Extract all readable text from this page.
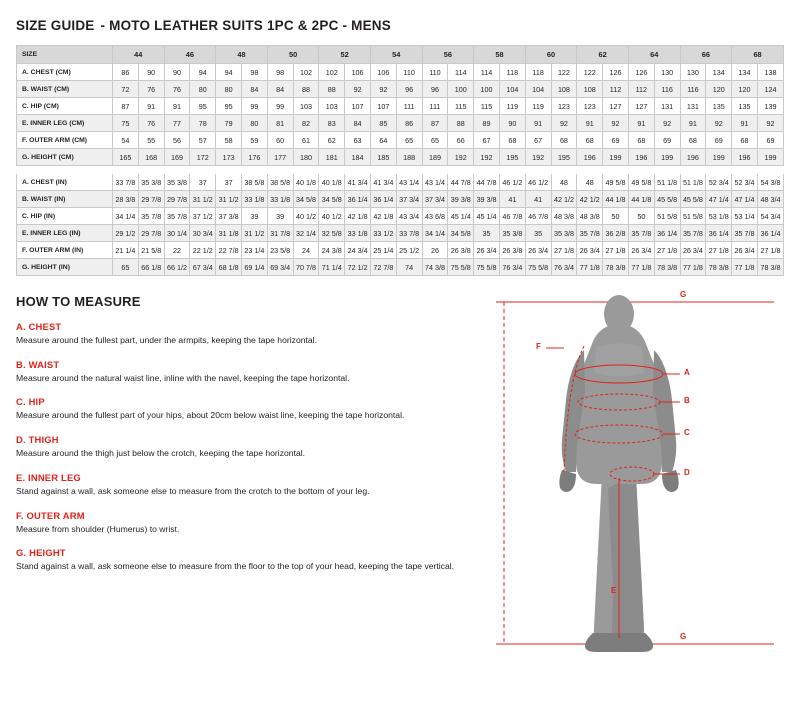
SIZE GUIDE - MOTO LEATHER SUITS 1PC & 2PC - MENS
SIZE	44		46		48		50		52		54		56		58		60		62		64		66		68	
A. CHEST (CM)	86	90	90	94	94	98	98	102	102	106	106	110	110	114	114	118	118	122	122	126	126	130	130	134	134	138
B. WAIST (CM)	72	76	76	80	80	84	84	88	88	92	92	96	96	100	100	104	104	108	108	112	112	116	116	120	120	124
C. HIP (CM)	87	91	91	95	95	99	99	103	103	107	107	111	111	115	115	119	119	123	123	127	127	131	131	135	135	139
E. INNER LEG (CM)	75	76	77	78	79	80	81	82	83	84	85	86	87	88	89	90	91	92	91	92	91	92	91	92	91	92
F. OUTER ARM (CM)	54	55	56	57	58	59	60	61	62	63	64	65	65	66	67	68	67	68	68	69	68	69	68	69	68	69
G. HEIGHT (CM)	165	168	169	172	173	176	177	180	181	184	185	188	189	192	192	195	192	195	196	199	196	199	196	199	196	199

A. CHEST (IN)	33 7/8	35 3/8	35 3/8	37	37	38 5/8	38 5/8	40 1/8	40 1/8	41 3/4	41 3/4	43 1/4	43 1/4	44 7/8	44 7/8	46 1/2	46 1/2	48	48	49 5/8	49 5/8	51 1/8	51 1/8	52 3/4	52 3/4	54 3/8
B. WAIST (IN)	28 3/8	29 7/8	29 7/8	31 1/2	31 1/2	33 1/8	33 1/8	34 5/8	34 5/8	36 1/4	36 1/4	37 3/4	37 3/4	39 3/8	39 3/8	41	41	42 1/2	42 1/2	44 1/8	44 1/8	45 5/8	45 5/8	47 1/4	47 1/4	48 3/4
C. HIP (IN)	34 1/4	35 7/8	35 7/8	37 1/2	37 3/8	39	39	40 1/2	40 1/2	42 1/8	42 1/8	43 3/4	43 6/8	45 1/4	45 1/4	46 7/8	46 7/8	48 3/8	48 3/8	50	50	51 5/8	51 5/8	53 1/8	53 1/4	54 3/4
E. INNER LEG (IN)	29 1/2	29 7/8	30 1/4	30 3/4	31 1/8	31 1/2	31 7/8	32 1/4	32 5/8	33 1/8	33 1/2	33 7/8	34 1/4	34 5/8	35	35 3/8	35	35 3/8	35 7/8	36 2/8	35 7/8	36 1/4	35 7/8	36 1/4	35 7/8	36 1/4
F. OUTER ARM (IN)	21 1/4	21 5/8	22	22 1/2	22 7/8	23 1/4	23 5/8	24	24 3/8	24 3/4	25 1/4	25 1/2	26	26 3/8	26 3/4	26 3/8	26 3/4	27 1/8	26 3/4	27 1/8	26 3/4	27 1/8	26 3/4	27 1/8	26 3/4	27 1/8
G. HEIGHT (IN)	65	66 1/8	66 1/2	67 3/4	68 1/8	69 1/4	69 3/4	70 7/8	71 1/4	72 1/2	72 7/8	74	74 3/8	75 5/8	75 5/8	76 3/4	75 5/8	76 3/4	77 1/8	78 3/8	77 1/8	78 3/8	77 1/8	78 3/8	77 1/8	78 3/8
HOW TO MEASURE
A. CHEST
Measure around the fullest part, under the armpits, keeping the tape horizontal.
B. WAIST
Measure around the natural waist line, inline with the navel, keeping the tape horizontal.
C. HIP
Measure around the fullest part of your hips, about 20cm below waist line, keeping the tape horizontal.
D. THIGH
Measure around the thigh just below the crotch, keeping the tape horizontal.
E. INNER LEG
Stand against a wall, ask someone else to measure from the crotch to the bottom of your leg.
F. OUTER ARM
Measure from shoulder (Humerus) to wrist.
G. HEIGHT
Stand against a wall, ask someone else to measure from the floor to the top of your head, keeping the tape vertical.
G
F
A
B
C
D
E
G
